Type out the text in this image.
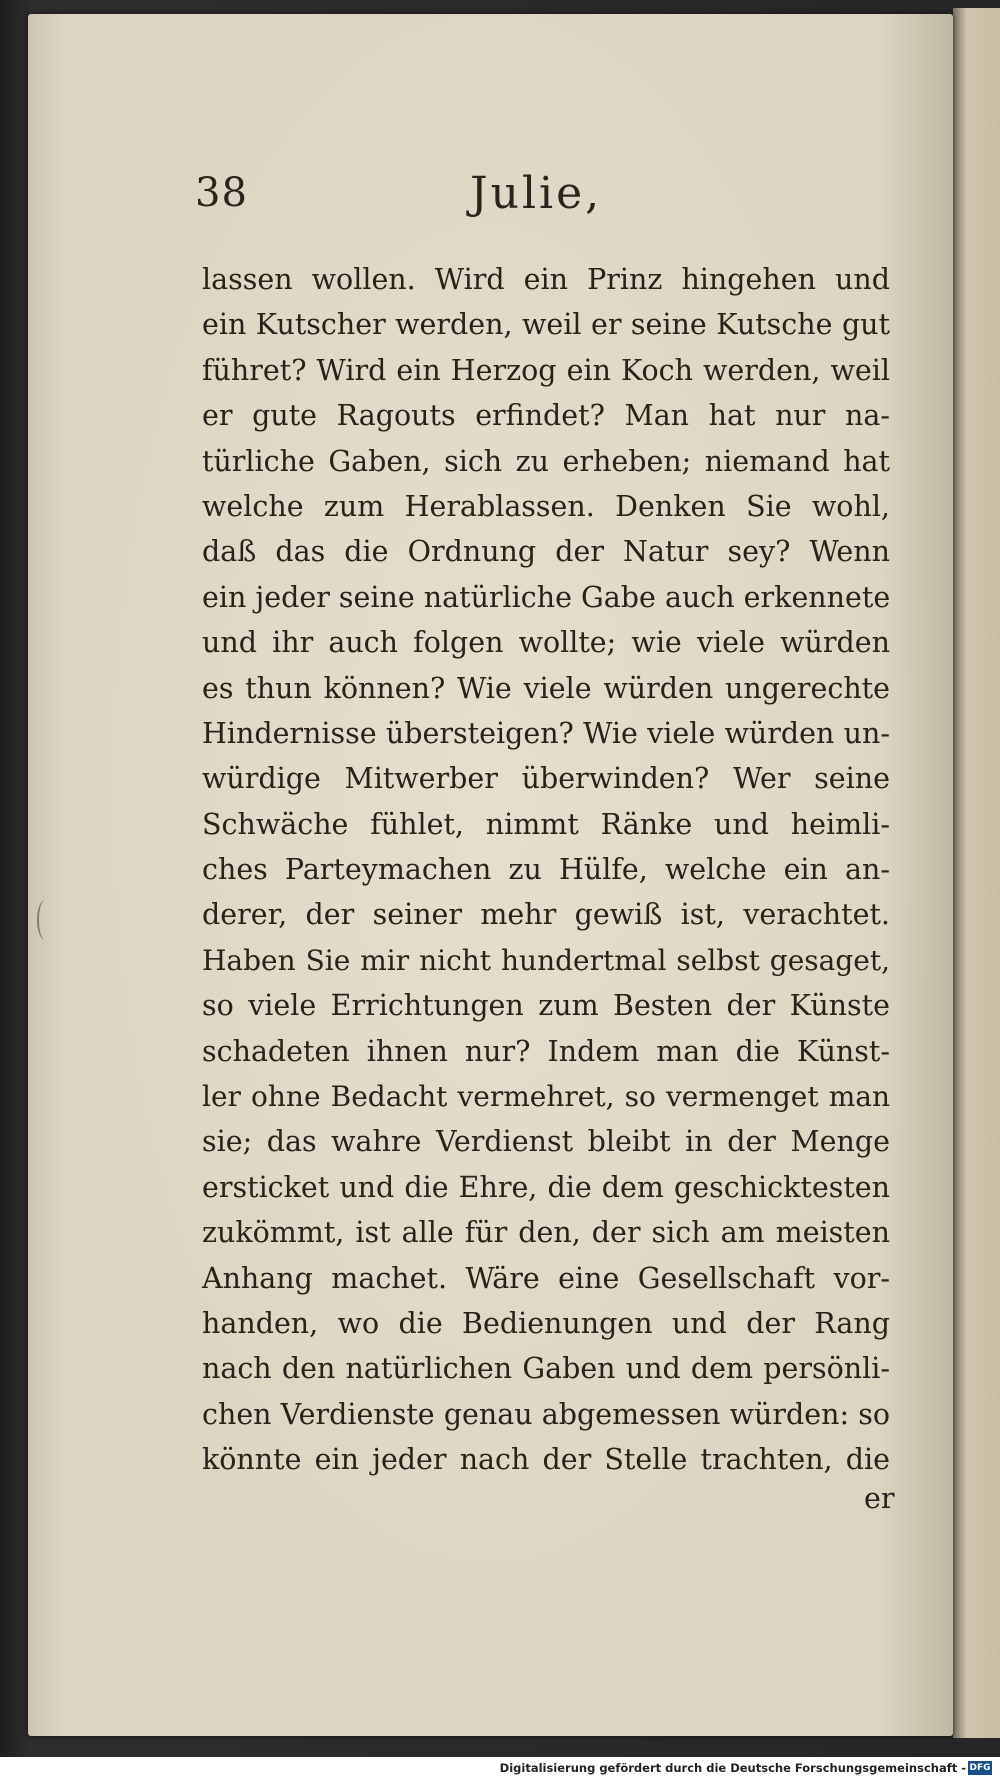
38	Julie,
lassen wollen. Wird ein Prinz hingehen und
ein Kutscher werden, weil er seine Kutsche gut
führet? Wird ein Herzog ein Koch werden, weil
er gute Ragouts erfindet? Man hat nur na-
türliche Gaben, sich zu erheben; niemand hat
welche zum Herablassen. Denken Sie wohl,
daß das die Ordnung der Natur sey? Wenn
ein jeder seine natürliche Gabe auch erkennete
und ihr auch folgen wollte; wie viele würden
es thun können? Wie viele würden ungerechte
Hindernisse übersteigen? Wie viele würden un-
würdige Mitwerber überwinden? Wer seine
Schwäche fühlet, nimmt Ränke und heimli-
ches Parteymachen zu Hülfe, welche ein an-
derer, der seiner mehr gewiß ist, verachtet.
Haben Sie mir nicht hundertmal selbst gesaget,
so viele Errichtungen zum Besten der Künste
schadeten ihnen nur? Indem man die Künst-
ler ohne Bedacht vermehret, so vermenget man
sie; das wahre Verdienst bleibt in der Menge
ersticket und die Ehre, die dem geschicktesten
zukömmt, ist alle für den, der sich am meisten
Anhang machet. Wäre eine Gesellschaft vor-
handen, wo die Bedienungen und der Rang
nach den natürlichen Gaben und dem persönli-
chen Verdienste genau abgemessen würden: so
könnte ein jeder nach der Stelle trachten, die
er
Digitalisierung gefördert durch die Deutsche Forschungsgemeinschaft - DFG
